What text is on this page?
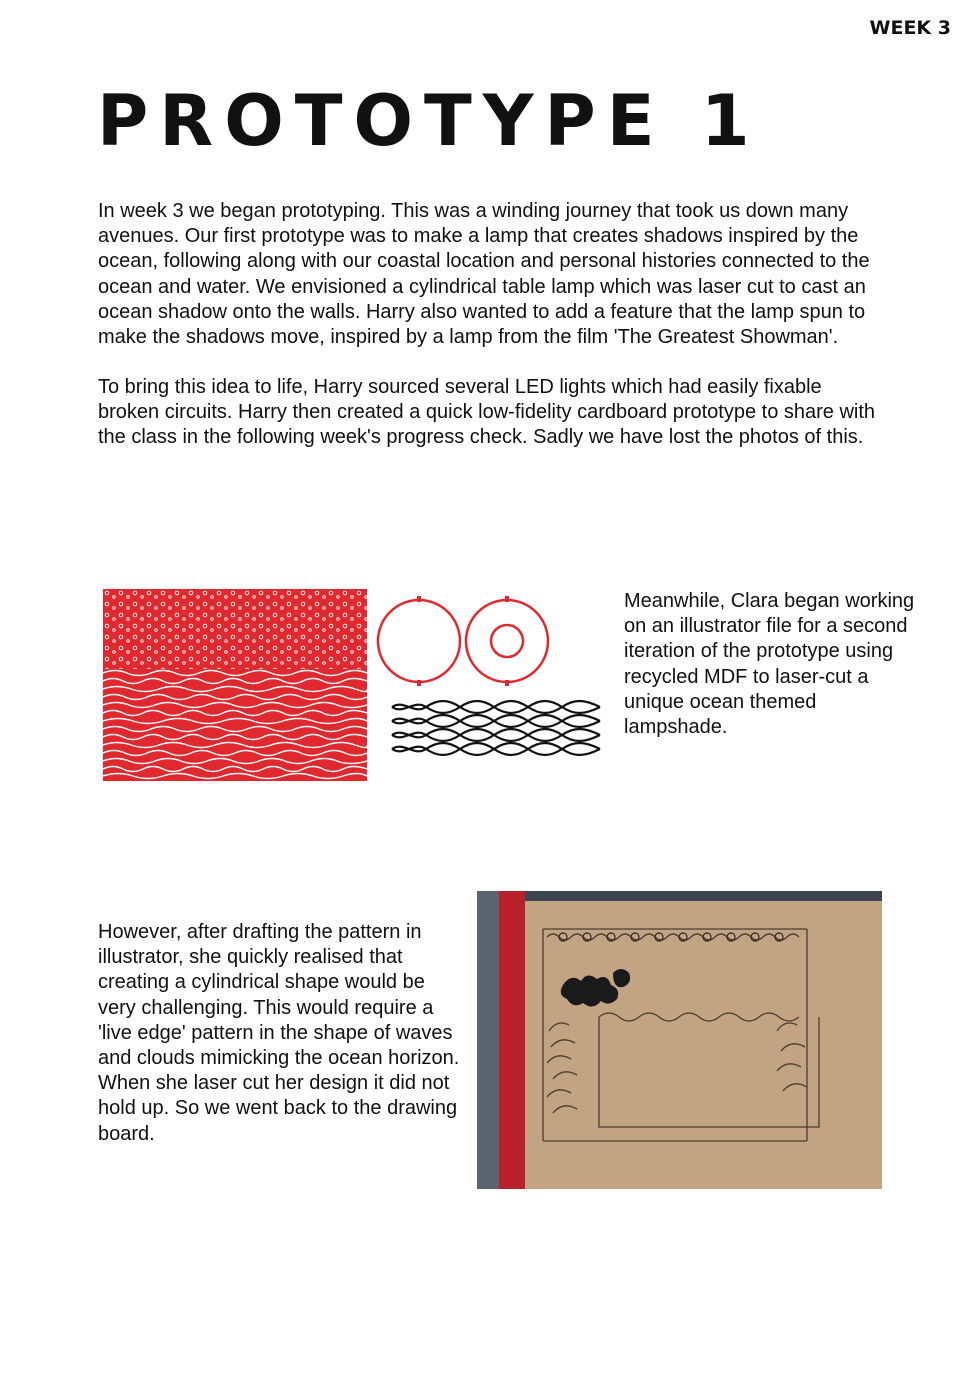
WEEK 3
PROTOTYPE 1

In week 3 we began prototyping. This was a winding journey that took us down many avenues. Our first prototype was to make a lamp that creates shadows inspired by the ocean, following along with our coastal location and personal histories connected to the ocean and water. We envisioned a cylindrical table lamp which was laser cut to cast an ocean shadow onto the walls. Harry also wanted to add a feature that the lamp spun to make the shadows move, inspired by a lamp from the film 'The Greatest Showman'.

To bring this idea to life, Harry sourced several LED lights which had easily fixable broken circuits. Harry then created a quick low-fidelity cardboard prototype to share with the class in the following week's progress check. Sadly we have lost the photos of this.

Meanwhile, Clara began working on an illustrator file for a second iteration of the prototype using recycled MDF to laser-cut a unique ocean themed lampshade.

However, after drafting the pattern in illustrator, she quickly realised that creating a cylindrical shape would be very challenging. This would require a 'live edge' pattern in the shape of waves and clouds mimicking the ocean horizon. When she laser cut her design it did not hold up. So we went back to the drawing board.
